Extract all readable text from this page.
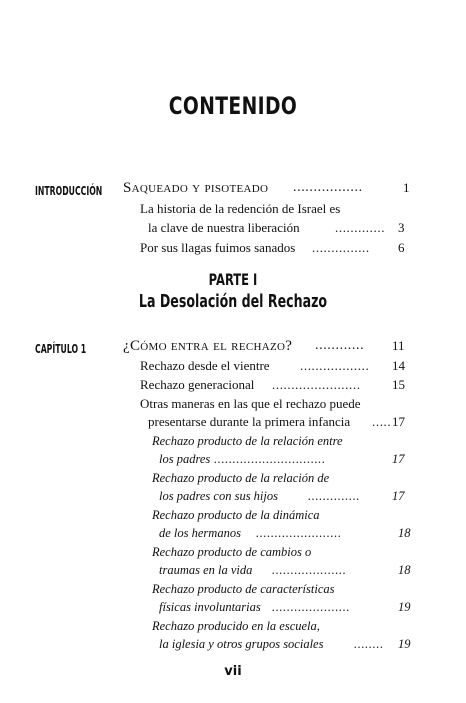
CONTENIDO
INTRODUCCIÓN Saqueado y pisoteado .................	1
La historia de la redención de Israel es
la clave de nuestra liberación	............. 3
Por sus llagas fuimos sanados ............... 6
PARTE I
La Desolación del Rechazo
CAPÍTULO 1 ¿Cómo entra el rechazo? ............ 11
Rechazo desde el vientre .................. 14
Rechazo generacional ....................... 15
Otras maneras en las que el rechazo puede
presentarse durante la primera infancia ..... 17
Rechazo producto de la relación entre
los padres ..............................	17
Rechazo producto de la relación de
los padres con sus hijos ..............	17
Rechazo producto de la dinámica
de los hermanos .......................	18
Rechazo producto de cambios o
traumas en la vida ....................	18
Rechazo producto de características
físicas involuntarias .....................	19
Rechazo producido en la escuela,
la iglesia y otros grupos sociales ........ 19
vii
